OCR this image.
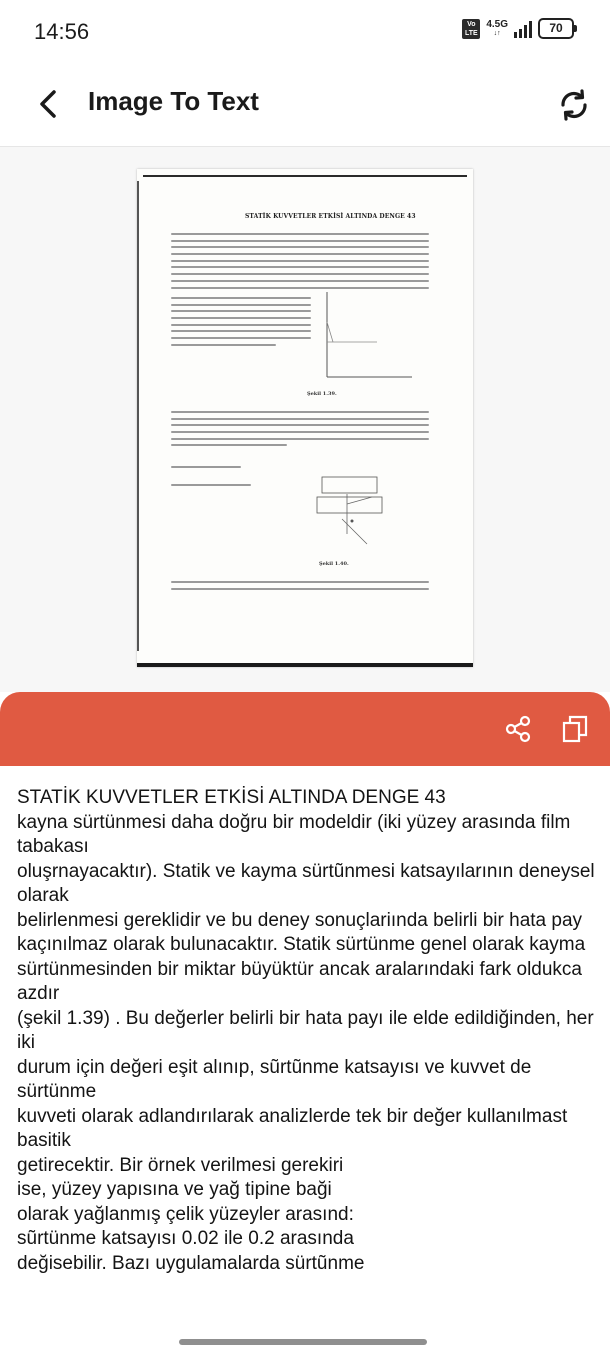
14:56	Vo LTE
4.5G
↓↑	70
Image To Text
STATİK KUVVETLER ETKİSİ ALTINDA DENGE 43
Şekil 1.39.
Şekil 1.40.
STATİK KUVVETLER ETKİSİ ALTINDA DENGE 43
kayna sürtünmesi daha doğru bir modeldir (iki yüzey arasında film tabakası
oluşrnayacaktır). Statik ve kayma sürtũnmesi katsayılarının deneysel olarak
belirlenmesi gereklidir ve bu deney sonuçlariında belirli bir hata pay
kaçınılmaz olarak bulunacaktır. Statik sürtünme genel olarak kayma
sürtünmesinden bir miktar büyüktür ancak aralarındaki fark oldukca azdır
(şekil 1.39) . Bu değerler belirli bir hata payı ile elde edildiğinden, her iki
durum için değeri eşit alınıp, sũrtũnme katsayısı ve kuvvet de sürtünme
kuvveti olarak adlandırılarak analizlerde tek bir değer kullanılmast basitik
getirecektir. Bir örnek verilmesi gerekiri
ise, yüzey yapısına ve yağ tipine baği
olarak yağlanmış çelik yüzeyler arasınd:
sũrtünme katsayısı 0.02 ile 0.2 arasında
değisebilir. Bazı uygulamalarda sürtũnme
